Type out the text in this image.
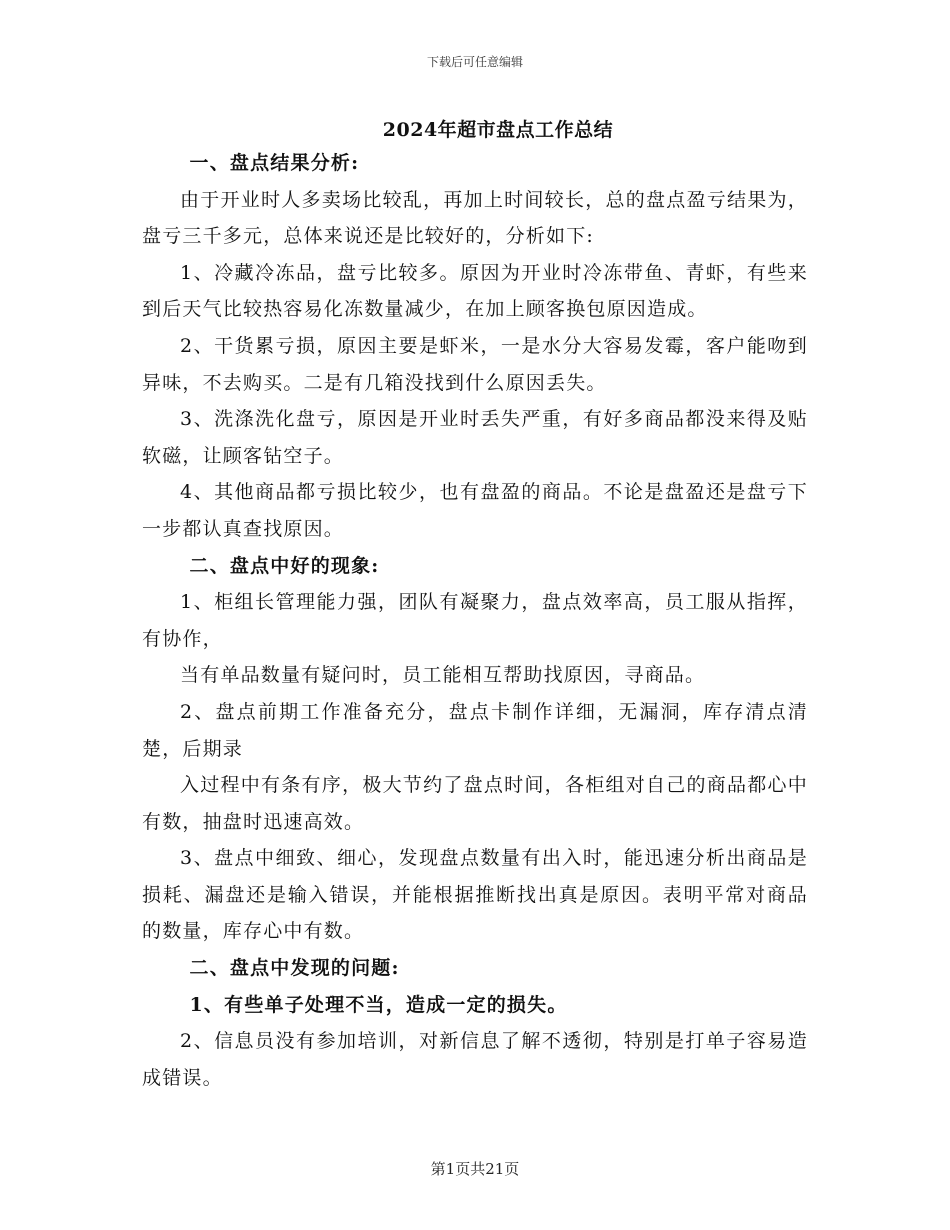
下载后可任意编辑
2024年超市盘点工作总结

一、盘点结果分析:

由于开业时人多卖场比较乱，再加上时间较长，总的盘点盈亏结果为，盘亏三千多元，总体来说还是比较好的，分析如下:

1、冷藏冷冻品，盘亏比较多。原因为开业时冷冻带鱼、青虾，有些来到后天气比较热容易化冻数量减少，在加上顾客换包原因造成。

2、干货累亏损，原因主要是虾米，一是水分大容易发霉，客户能吻到异味，不去购买。二是有几箱没找到什么原因丢失。

3、洗涤洗化盘亏，原因是开业时丢失严重，有好多商品都没来得及贴软磁，让顾客钻空子。

4、其他商品都亏损比较少，也有盘盈的商品。不论是盘盈还是盘亏下一步都认真查找原因。

二、盘点中好的现象:

1、柜组长管理能力强，团队有凝聚力，盘点效率高，员工服从指挥，有协作，

当有单品数量有疑问时，员工能相互帮助找原因，寻商品。

2、盘点前期工作准备充分，盘点卡制作详细，无漏洞，库存清点清楚，后期录

入过程中有条有序，极大节约了盘点时间，各柜组对自己的商品都心中有数，抽盘时迅速高效。

3、盘点中细致、细心，发现盘点数量有出入时，能迅速分析出商品是损耗、漏盘还是输入错误，并能根据推断找出真是原因。表明平常对商品的数量，库存心中有数。

二、盘点中发现的问题:

1、有些单子处理不当，造成一定的损失。

2、信息员没有参加培训，对新信息了解不透彻，特别是打单子容易造成错误。

第1页共21页
